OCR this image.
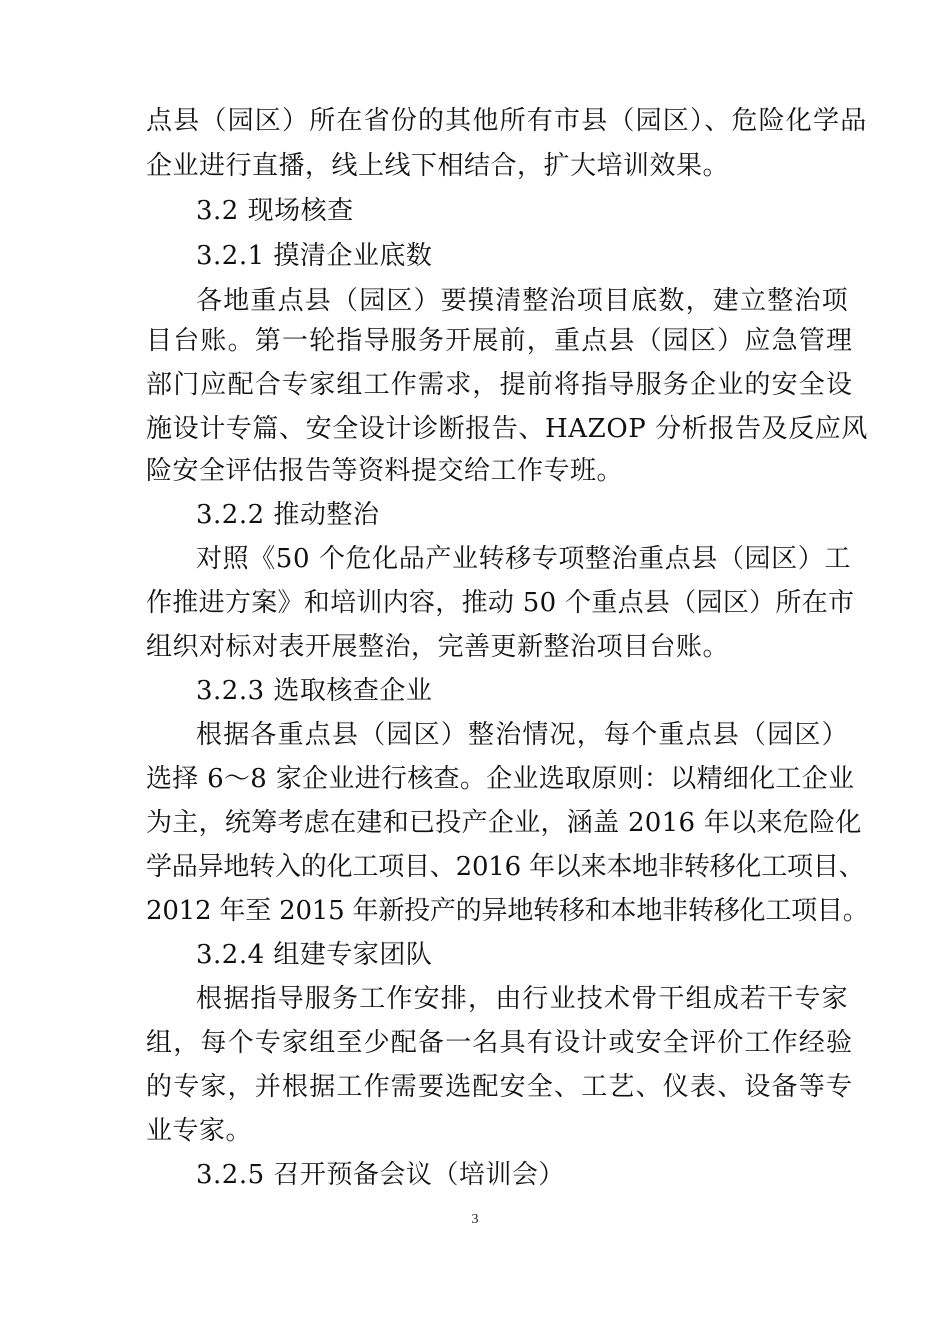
点县（园区）所在省份的其他所有市县（园区）、危险化学品
企业进行直播，线上线下相结合，扩大培训效果。
3.2 现场核查
3.2.1 摸清企业底数
各地重点县（园区）要摸清整治项目底数，建立整治项
目台账。第一轮指导服务开展前，重点县（园区）应急管理
部门应配合专家组工作需求，提前将指导服务企业的安全设
施设计专篇、安全设计诊断报告、HAZOP 分析报告及反应风
险安全评估报告等资料提交给工作专班。
3.2.2 推动整治
对照《50 个危化品产业转移专项整治重点县（园区）工
作推进方案》和培训内容，推动 50 个重点县（园区）所在市
组织对标对表开展整治，完善更新整治项目台账。
3.2.3 选取核查企业
根据各重点县（园区）整治情况，每个重点县（园区）
选择 6～8 家企业进行核查。企业选取原则：以精细化工企业
为主，统筹考虑在建和已投产企业，涵盖 2016 年以来危险化
学品异地转入的化工项目、2016 年以来本地非转移化工项目、
2012 年至 2015 年新投产的异地转移和本地非转移化工项目。
3.2.4 组建专家团队
根据指导服务工作安排，由行业技术骨干组成若干专家
组，每个专家组至少配备一名具有设计或安全评价工作经验
的专家，并根据工作需要选配安全、工艺、仪表、设备等专
业专家。
3.2.5 召开预备会议（培训会）
3
